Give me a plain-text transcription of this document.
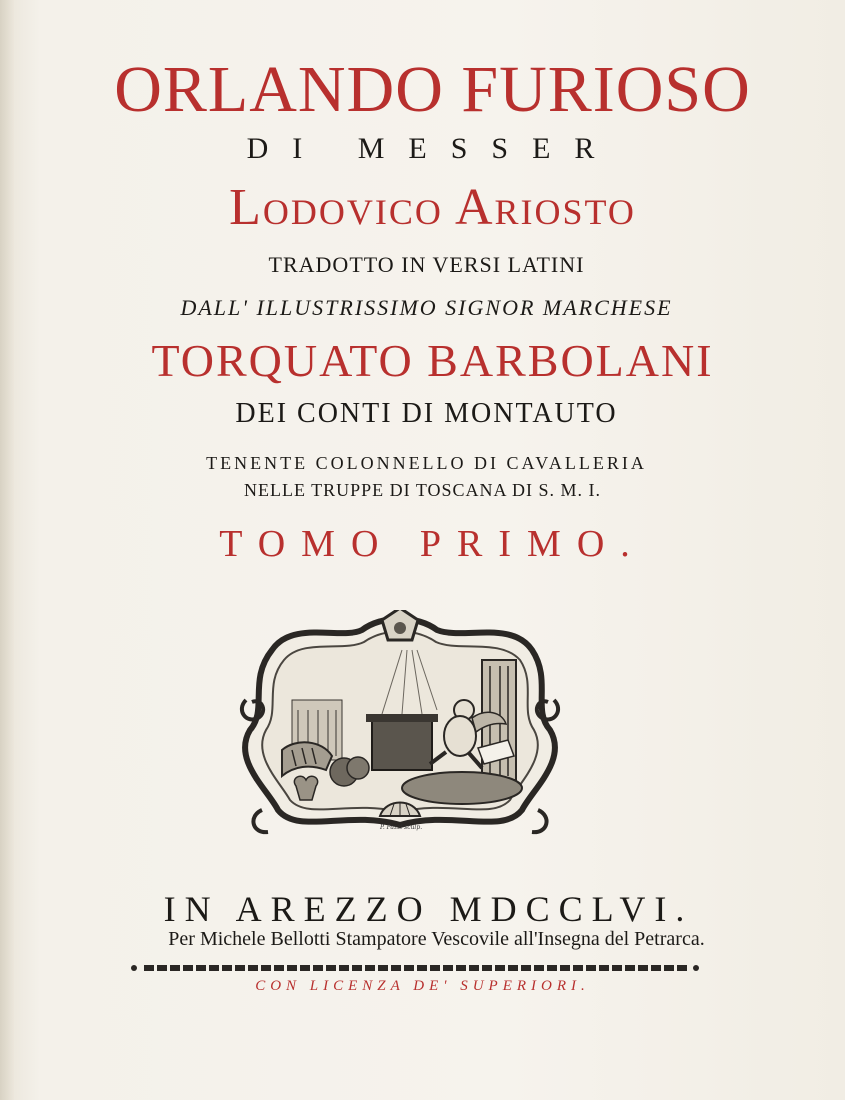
ORLANDO FURIOSO
DI MESSER
Lodovico Ariosto
TRADOTTO IN VERSI LATINI
DALL' ILLUSTRISSIMO SIGNOR MARCHESE
TORQUATO BARBOLANI
DEI CONTI DI MONTAUTO
TENENTE COLONNELLO DI CAVALLERIA
NELLE TRUPPE DI TOSCANA DI S. M. I.
TOMO PRIMO.
P. Pazzi sculp.
IN AREZZO MDCCLVI.
Per Michele Bellotti Stampatore Vescovile all'Insegna del Petrarca.
CON LICENZA DE' SUPERIORI.
